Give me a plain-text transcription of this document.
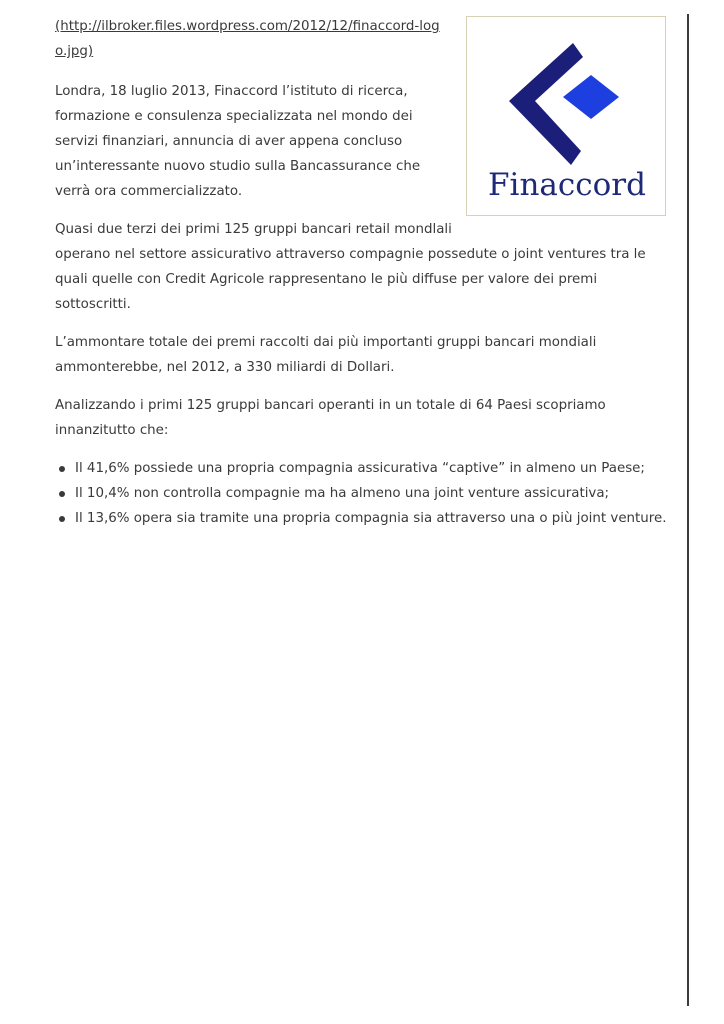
Finaccord
(http://ilbroker.files.wordpress.com/2012/12/finaccord-logo.jpg)

Londra, 18 luglio 2013, Finaccord l’istituto di ricerca, formazione e consulenza specializzata nel mondo dei servizi finanziari, annuncia di aver appena concluso un’interessante nuovo studio sulla Bancassurance che verrà ora commercializzato.

Quasi due terzi dei primi 125 gruppi bancari retail mondlali
operano nel settore assicurativo attraverso compagnie possedute o joint ventures tra le quali quelle con Credit Agricole rappresentano le più diffuse per valore dei premi sottoscritti.

L’ammontare totale dei premi raccolti dai più importanti gruppi bancari mondiali ammonterebbe, nel 2012, a 330 miliardi di Dollari.

Analizzando i primi 125 gruppi bancari operanti in un totale di 64 Paesi scopriamo innanzitutto che:

Il 41,6% possiede una propria compagnia assicurativa “captive” in almeno un Paese;
Il 10,4% non controlla compagnie ma ha almeno una joint venture assicurativa;
Il 13,6% opera sia tramite una propria compagnia sia attraverso una o più joint venture.
